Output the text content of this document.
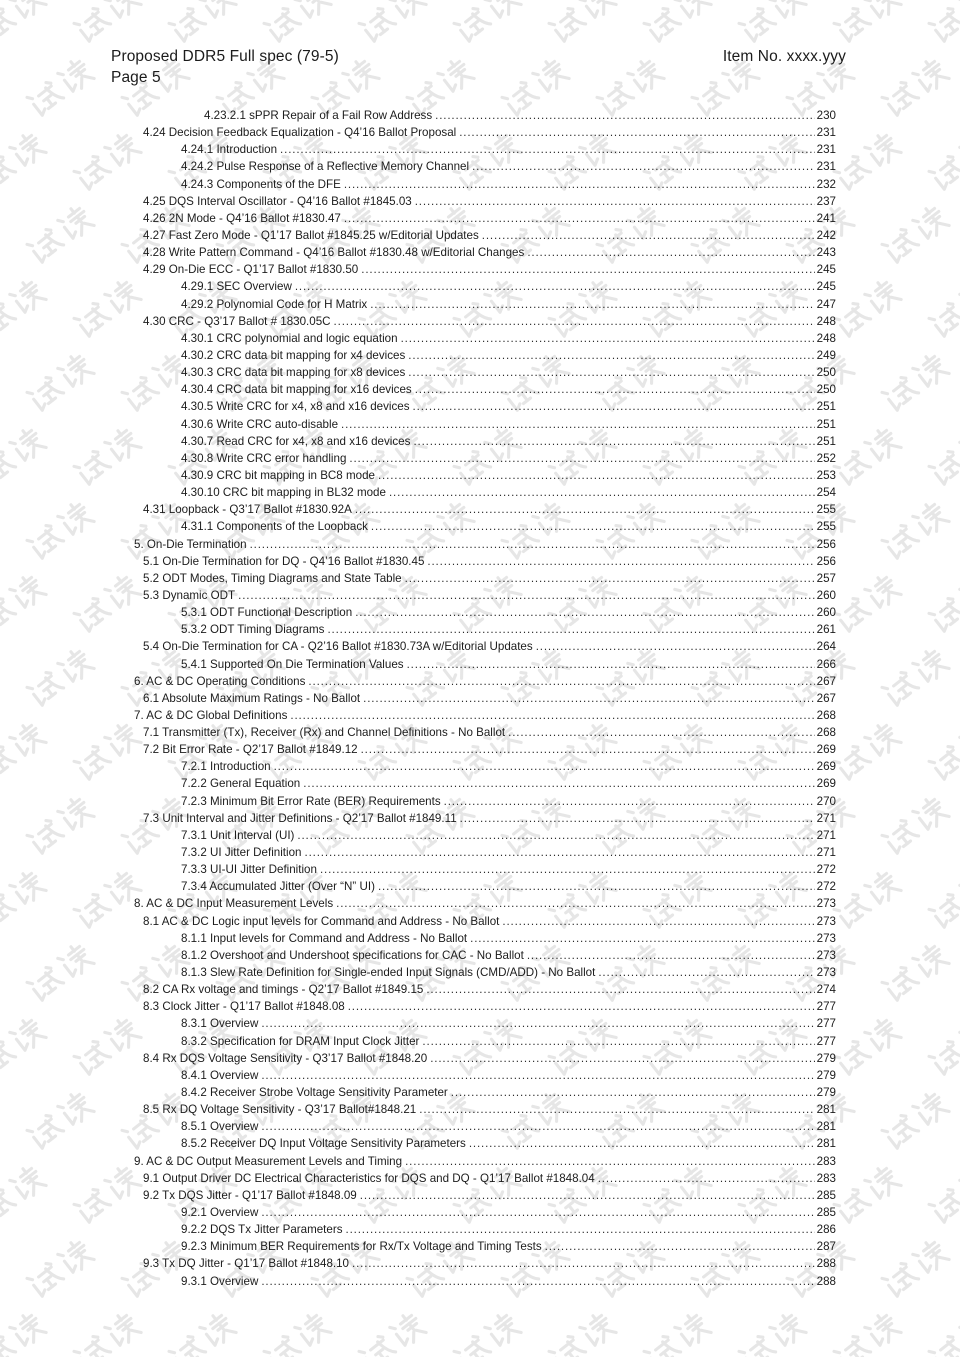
Proposed DDR5 Full spec (79-5)
Page 5
Item No. xxxx.yyy
4.23.2.1 sPPR Repair of a Fail Row Address .....	230
4.24 Decision Feedback Equalization - Q4’16 Ballot Proposal .....	231
4.24.1 Introduction .....	231
4.24.2 Pulse Response of a Reflective Memory Channel .....	231
4.24.3 Components of the DFE .....	232
4.25 DQS Interval Oscillator - Q4’16 Ballot #1845.03 .....	237
4.26 2N Mode - Q4’16 Ballot #1830.47 .....	241
4.27 Fast Zero Mode - Q1’17 Ballot #1845.25 w/Editorial Updates .....	242
4.28 Write Pattern Command - Q4’16 Ballot #1830.48 w/Editorial Changes .....	243
4.29 On-Die ECC - Q1’17 Ballot #1830.50 .....	245
4.29.1 SEC Overview .....	245
4.29.2 Polynomial Code for H Matrix .....	247
4.30 CRC - Q3’17 Ballot # 1830.05C .....	248
4.30.1 CRC polynomial and logic equation .....	248
4.30.2 CRC data bit mapping for x4 devices .....	249
4.30.3 CRC data bit mapping for x8 devices .....	250
4.30.4 CRC data bit mapping for x16 devices .....	250
4.30.5 Write CRC for x4, x8 and x16 devices .....	251
4.30.6 Write CRC auto-disable .....	251
4.30.7 Read CRC for x4, x8 and x16 devices .....	251
4.30.8 Write CRC error handling .....	252
4.30.9 CRC bit mapping in BC8 mode .....	253
4.30.10 CRC bit mapping in BL32 mode .....	254
4.31 Loopback - Q3’17 Ballot #1830.92A .....	255
4.31.1 Components of the Loopback .....	255
5. On-Die Termination .....	256
5.1 On-Die Termination for DQ - Q4’16 Ballot #1830.45 .....	256
5.2 ODT Modes, Timing Diagrams and State Table .....	257
5.3 Dynamic ODT .....	260
5.3.1 ODT Functional Description .....	260
5.3.2 ODT Timing Diagrams .....	261
5.4 On-Die Termination for CA - Q2’16 Ballot #1830.73A w/Editorial Updates .....	264
5.4.1 Supported On Die Termination Values .....	266
6. AC & DC Operating Conditions .....	267
6.1 Absolute Maximum Ratings - No Ballot .....	267
7. AC & DC Global Definitions .....	268
7.1 Transmitter (Tx), Receiver (Rx) and Channel Definitions - No Ballot .....	268
7.2 Bit Error Rate - Q2’17 Ballot #1849.12 .....	269
7.2.1 Introduction .....	269
7.2.2 General Equation .....	269
7.2.3 Minimum Bit Error Rate (BER) Requirements .....	270
7.3 Unit Interval and Jitter Definitions - Q2’17 Ballot #1849.11 .....	271
7.3.1 Unit Interval (UI) .....	271
7.3.2 UI Jitter Definition .....	271
7.3.3 UI-UI Jitter Definition .....	272
7.3.4 Accumulated Jitter (Over “N” UI) .....	272
8. AC & DC Input Measurement Levels .....	273
8.1 AC & DC Logic input levels for Command and Address - No Ballot .....	273
8.1.1 Input levels for Command and Address - No Ballot .....	273
8.1.2 Overshoot and Undershoot specifications for CAC - No Ballot .....	273
8.1.3 Slew Rate Definition for Single-ended Input Signals (CMD/ADD) - No Ballot .....	273
8.2 CA Rx voltage and timings - Q2’17 Ballot #1849.15 .....	274
8.3 Clock Jitter - Q1’17 Ballot #1848.08 .....	277
8.3.1 Overview .....	277
8.3.2 Specification for DRAM Input Clock Jitter .....	277
8.4 Rx DQS Voltage Sensitivity - Q3’17 Ballot #1848.20 .....	279
8.4.1 Overview .....	279
8.4.2 Receiver Strobe Voltage Sensitivity Parameter .....	279
8.5 Rx DQ Voltage Sensitivity - Q3’17 Ballot#1848.21 .....	281
8.5.1 Overview .....	281
8.5.2 Receiver DQ Input Voltage Sensitivity Parameters .....	281
9. AC & DC Output Measurement Levels and Timing .....	283
9.1 Output Driver DC Electrical Characteristics for DQS and DQ - Q1’17 Ballot #1848.04 .....	283
9.2 Tx DQS Jitter - Q1’17 Ballot #1848.09 .....	285
9.2.1 Overview .....	285
9.2.2 DQS Tx Jitter Parameters .....	286
9.2.3 Minimum BER Requirements for Rx/Tx Voltage and Timing Tests .....	287
9.3 Tx DQ Jitter - Q1’17 Ballot #1848.10 .....	288
9.3.1 Overview .....	288
